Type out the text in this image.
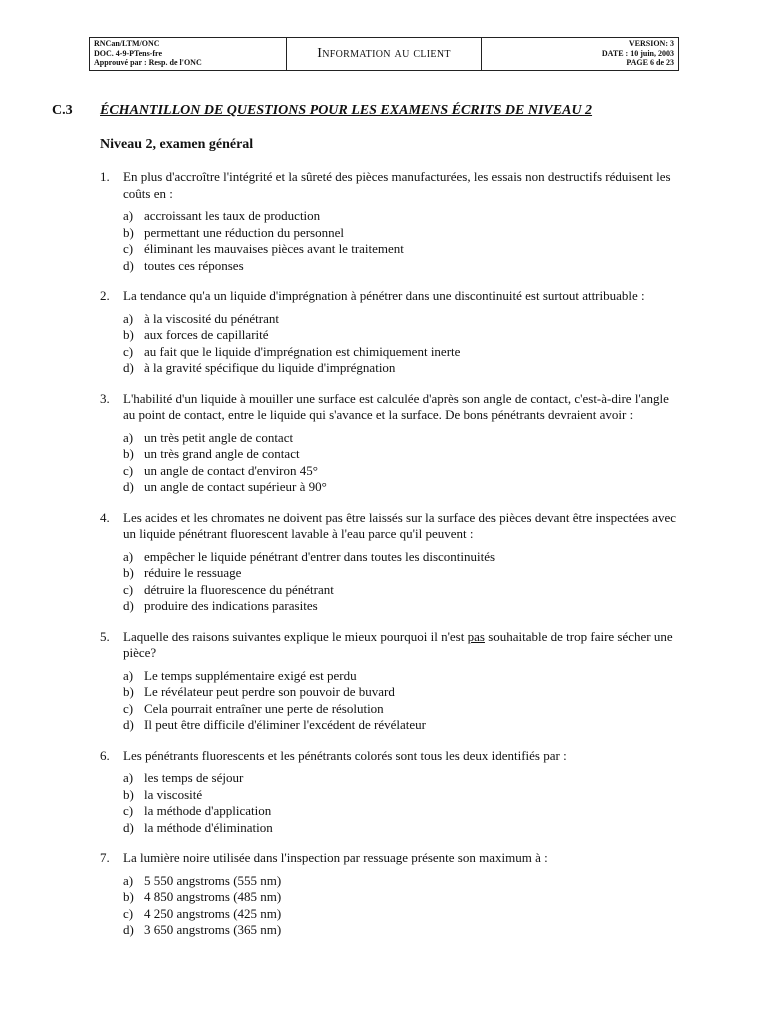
RNCan/LTM/ONC
DOC. 4-9-PTens-fre
Approuvé par : Resp. de l'ONC
Information au client
VERSION: 3
DATE : 10 juin, 2003
PAGE 6 de 23
C.3 ÉCHANTILLON DE QUESTIONS POUR LES EXAMENS ÉCRITS DE NIVEAU 2
Niveau 2, examen général
1.	En plus d'accroître l'intégrité et la sûreté des pièces manufacturées, les essais non destructifs réduisent les coûts en :
a) accroissant les taux de production
b) permettant une réduction du personnel
c) éliminant les mauvaises pièces avant le traitement
d) toutes ces réponses
2.	La tendance qu'a un liquide d'imprégnation à pénétrer dans une discontinuité est surtout attribuable :
a) à la viscosité du pénétrant
b) aux forces de capillarité
c) au fait que le liquide d'imprégnation est chimiquement inerte
d) à la gravité spécifique du liquide d'imprégnation
3.	L'habilité d'un liquide à mouiller une surface est calculée d'après son angle de contact, c'est-à-dire l'angle au point de contact, entre le liquide qui s'avance et la surface. De bons pénétrants devraient avoir :
a) un très petit angle de contact
b) un très grand angle de contact
c) un angle de contact d'environ 45°
d) un angle de contact supérieur à 90°
4.	Les acides et les chromates ne doivent pas être laissés sur la surface des pièces devant être inspectées avec un liquide pénétrant fluorescent lavable à l'eau parce qu'il peuvent :
a) empêcher le liquide pénétrant d'entrer dans toutes les discontinuités
b) réduire le ressuage
c) détruire la fluorescence du pénétrant
d) produire des indications parasites
5.	Laquelle des raisons suivantes explique le mieux pourquoi il n'est pas souhaitable de trop faire sécher une pièce?
a) Le temps supplémentaire exigé est perdu
b) Le révélateur peut perdre son pouvoir de buvard
c) Cela pourrait entraîner une perte de résolution
d) Il peut être difficile d'éliminer l'excédent de révélateur
6.	Les pénétrants fluorescents et les pénétrants colorés sont tous les deux identifiés par :
a) les temps de séjour
b) la viscosité
c) la méthode d'application
d) la méthode d'élimination
7.	La lumière noire utilisée dans l'inspection par ressuage présente son maximum à :
a) 5 550 angstroms (555 nm)
b) 4 850 angstroms (485 nm)
c) 4 250 angstroms (425 nm)
d) 3 650 angstroms (365 nm)
